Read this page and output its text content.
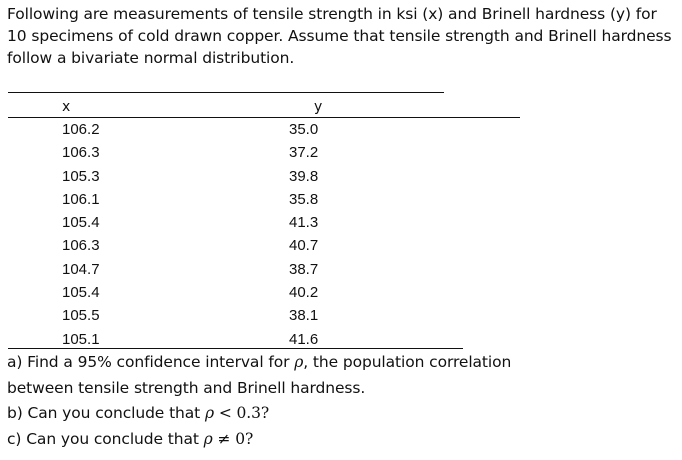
Following are measurements of tensile strength in ksi (x) and Brinell hardness (y) for 10 specimens of cold drawn copper. Assume that tensile strength and Brinell hardness follow a bivariate normal distribution.

x	y
106.2	35.0
106.3	37.2
105.3	39.8
106.1	35.8
105.4	41.3
106.3	40.7
104.7	38.7
105.4	40.2
105.5	38.1
105.1	41.6
a) Find a 95% confidence interval for ρ, the population correlation
between tensile strength and Brinell hardness.
b) Can you conclude that ρ < 0.3?
c) Can you conclude that ρ ≠ 0?
